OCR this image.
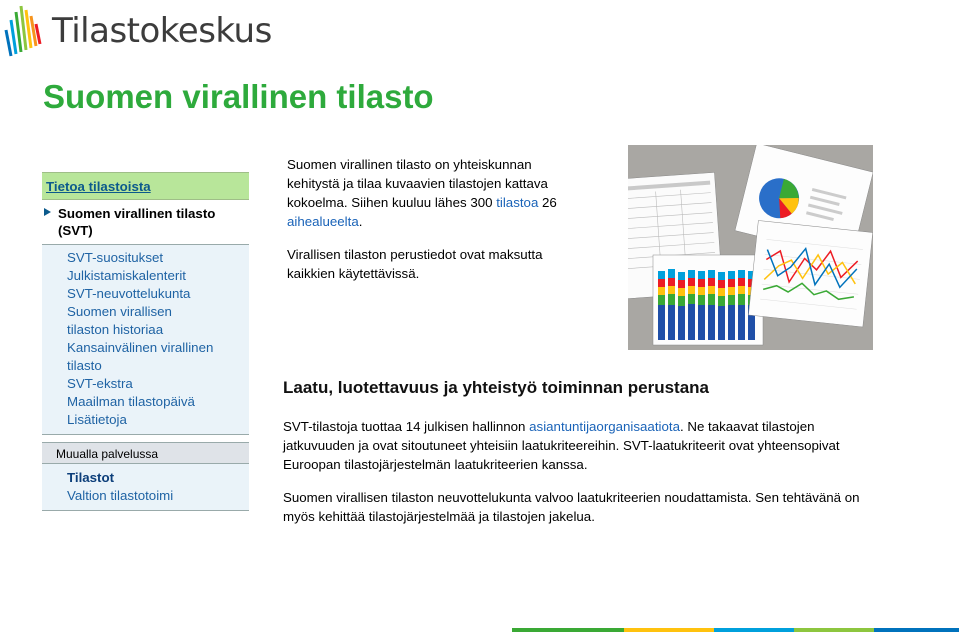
Tilastokeskus
Suomen virallinen tilasto
Tietoa tilastoista
Suomen virallinen tilasto (SVT)
SVT-suositukset
Julkistamiskalenterit
SVT-neuvottelukunta
Suomen virallisen
tilaston historiaa
Kansainvälinen virallinen
tilasto
SVT-ekstra
Maailman tilastopäivä
Lisätietoja
Muualla palvelussa
Tilastot
Valtion tilastotoimi

Suomen virallinen tilasto on yhteiskunnan kehitystä ja tilaa kuvaavien tilastojen kattava kokoelma. Siihen kuuluu lähes 300 tilastoa 26 aihealueelta.

Virallisen tilaston perustiedot ovat maksutta kaikkien käytettävissä.

Laatu, luotettavuus ja yhteistyö toiminnan perustana

SVT-tilastoja tuottaa 14 julkisen hallinnon asiantuntijaorganisaatiota. Ne takaavat tilastojen jatkuvuuden ja ovat sitoutuneet yhteisiin laatukriteereihin. SVT-laatukriteerit ovat yhteensopivat Euroopan tilastojärjestelmän laatukriteerien kanssa.

Suomen virallisen tilaston neuvottelukunta valvoo laatukriteerien noudattamista. Sen tehtävänä on myös kehittää tilastojärjestelmää ja tilastojen jakelua.
